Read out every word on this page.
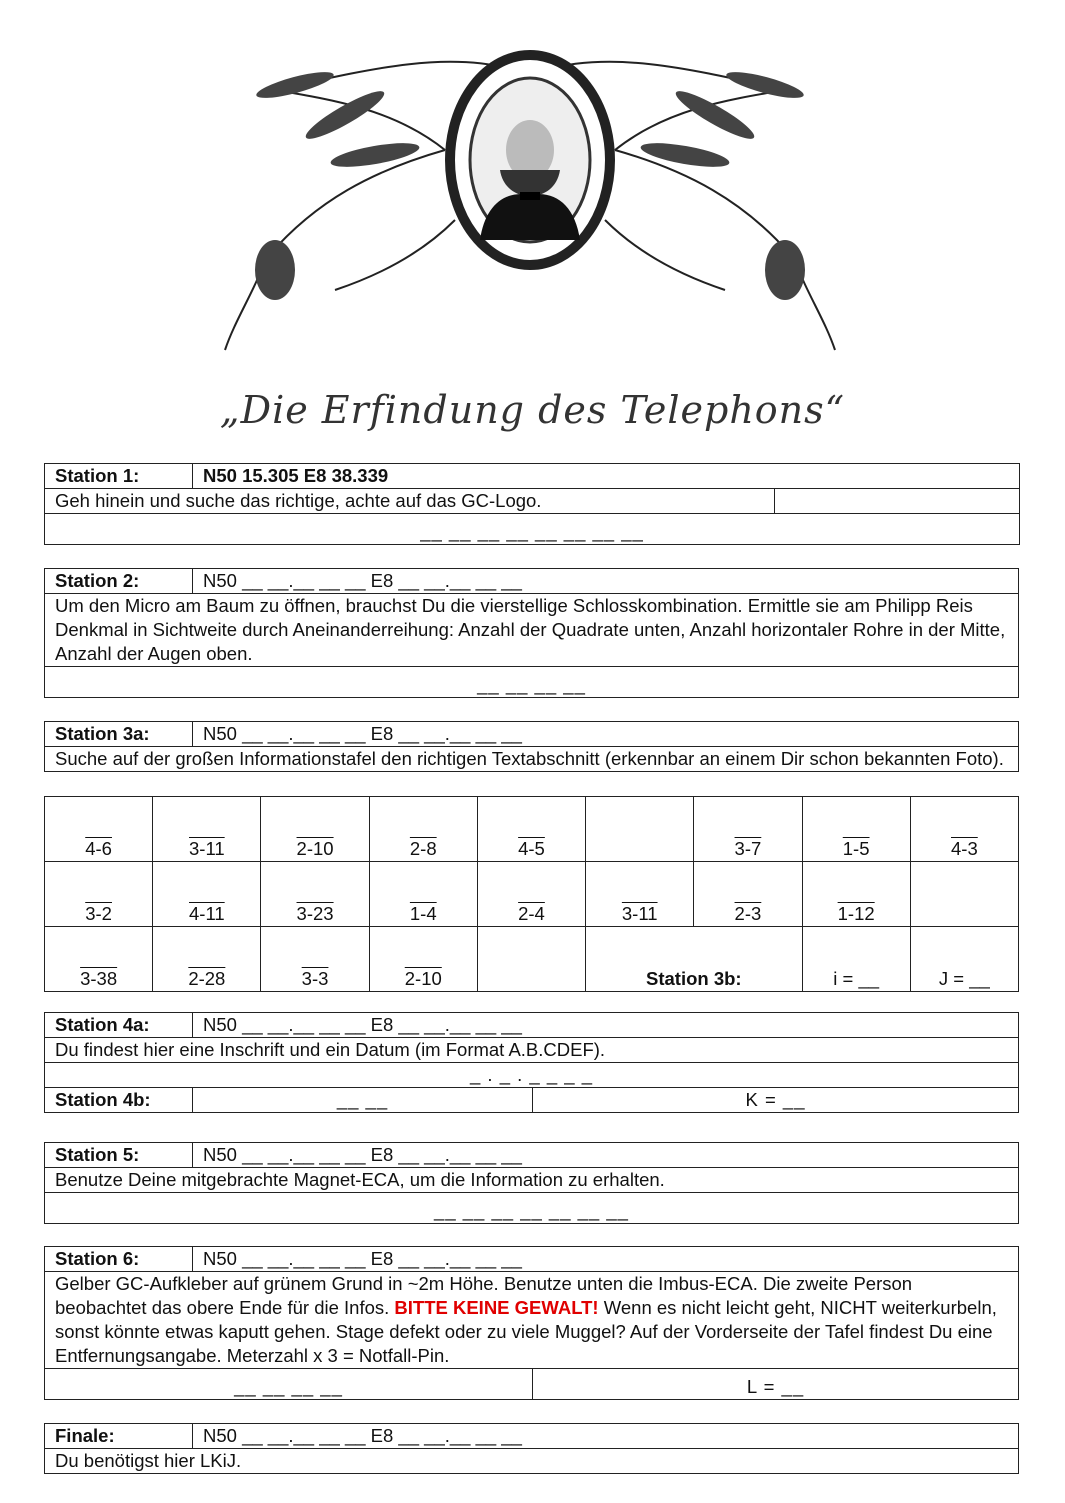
„Die Erfindung des Telephons“
Station 1:	N50 15.305 E8 38.339	
Geh hinein und suche das richtige, achte auf das GC-Logo.		
__ __ __ __ __ __ __ __		
Station 2:	N50 __ __.__ __ __ E8 __ __.__ __ __
Um den Micro am Baum zu öffnen, brauchst Du die vierstellige Schlosskombination. Ermittle sie am Philipp Reis Denkmal in Sichtweite durch Aneinanderreihung: Anzahl der Quadrate unten, Anzahl horizontaler Rohre in der Mitte, Anzahl der Augen oben.
__ __ __ __
Station 3a:	N50 __ __.__ __ __ E8 __ __.__ __ __
Suche auf der großen Informationstafel den richtigen Textabschnitt (erkennbar an einem Dir schon bekannten Foto).
4-6	3-11	2-10	2-8	4-5		3-7	1-5	4-3
3-2	4-11	3-23	1-4	2-4	3-11	2-3	1-12	
3-38	2-28	3-3	2-10		Station 3b:		i = __	J = __
Station 4a:	N50 __ __.__ __ __ E8 __ __.__ __ __	
Du findest hier eine Inschrift und ein Datum (im Format A.B.CDEF).		
_ . _ . _ _ _ _		
Station 4b:	__ __	K = __
Station 5:	N50 __ __.__ __ __ E8 __ __.__ __ __
Benutze Deine mitgebrachte Magnet-ECA, um die Information zu erhalten.
__ __ __ __ __ __ __
Station 6:	N50 __ __.__ __ __ E8 __ __.__ __ __	
Gelber GC-Aufkleber auf grünem Grund in ~2m Höhe. Benutze unten die Imbus-ECA. Die zweite Person beobachtet das obere Ende für die Infos. BITTE KEINE GEWALT! Wenn es nicht leicht geht, NICHT weiterkurbeln, sonst könnte etwas kaputt gehen. Stage defekt oder zu viele Muggel? Auf der Vorderseite der Tafel findest Du eine Entfernungsangabe. Meterzahl x 3 = Notfall-Pin.		
__ __ __ __		L = __
Finale:	N50 __ __.__ __ __ E8 __ __.__ __ __
Du benötigst hier LKiJ.
